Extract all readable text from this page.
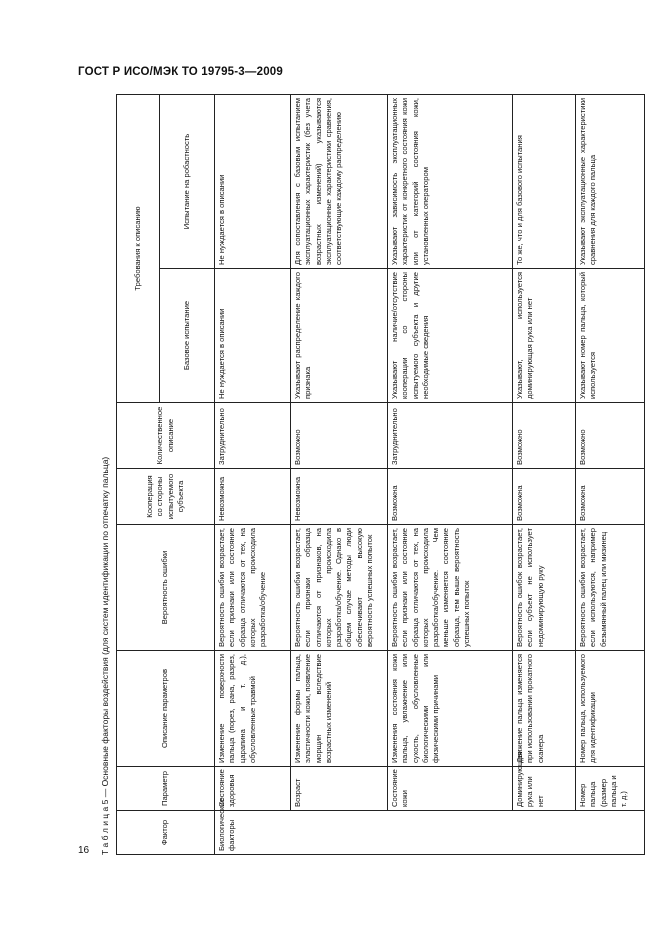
ГОСТ Р ИСО/МЭК ТО 19795-3—2009
Т а б л и ц а 5 — Основные факторы воздействия (для систем идентификации по отпечатку пальца)	Фактор	Параметр	Описание параметров	Вероятность ошибки	Кооперация со стороны испытуемого субъекта	Количественное описание	Требования к описанию	
						Базовое испытание	Испытание на робастность
Биологические факторы	Состояние здоровья	Изменение поверхности пальца (порез, рана, разрез, царапина и т. д.), обусловленные травмой	Вероятность ошибки возрастает, если признаки или состояние образца отличаются от тех, на которых происходила разработка/обучение	Невозможна	Затруднительно	Не нуждается в описании	Не нуждается в описании
	Возраст	Изменение формы пальца, эластичности кожи, появление морщин вследствие возрастных изменений	Вероятность ошибки возрастает, если признаки образца отличаются от признаков, на которых происходила разработка/обучение. Однако в общем случае методы люди обеспечивают высокую вероятность успешных попыток	Невозможна	Возможно	Указывают распределение каждого признака	Для сопоставления с базовым испытанием эксплуатационных характеристик (без учета возрастных изменений) указываются эксплуатационные характеристики сравнения, соответствующие каждому распределению
	Состояние кожи	Изменения состояния кожи пальца, увлажнение или сухость, обусловленные биологическими или физическими причинами	Вероятность ошибки возрастает, если признаки или состояние образца отличаются от тех, на которых происходила разработка/обучение. Чем меньше изменяется состояние образца, тем выше вероятность успешных попыток	Возможна	Затруднительно	Указывают наличие/отсутствие кооперации со стороны испытуемого субъекта и другие необходимые сведения	Указывают зависимость эксплуатационных характеристик от конкретного состояния кожи или от категорий состояния кожи, установленных оператором
	Доминирующая рука или нет	Движение пальца изменяется при использовании прокатного сканера	Вероятность ошибок возрастает, если субъект не использует недоминирующую руку	Возможна	Возможно	Указывают, используется доминирующая рука или нет	То же, что и для базового испытания
	Номер пальца (размер пальца и т. д.)	Номер пальца, используемого для идентификации	Вероятность ошибки возрастает, если используются, например безымянный палец или мизинец	Возможна	Возможно	Указывают номер пальца, который используется	Указывают эксплуатационные характеристики сравнения для каждого пальца
16
